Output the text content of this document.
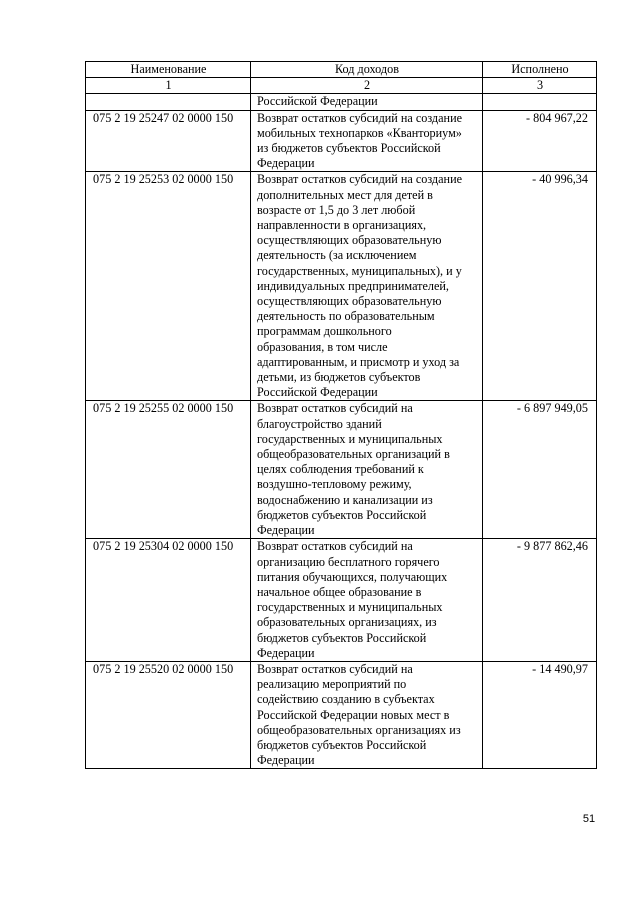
Наименование	Код доходов	Исполнено
1	2	3
	Российской Федерации	
075 2 19 25247 02 0000 150	Возврат остатков субсидий на создание мобильных технопарков «Кванториум» из бюджетов субъектов Российской Федерации	- 804 967,22
075 2 19 25253 02 0000 150	Возврат остатков субсидий на создание дополнительных мест для детей в возрасте от 1,5 до 3 лет любой направленности в организациях, осуществляющих образовательную деятельность (за исключением государственных, муниципальных), и у индивидуальных предпринимателей, осуществляющих образовательную деятельность по образовательным программам дошкольного образования, в том числе адаптированным, и присмотр и уход за детьми, из бюджетов субъектов Российской Федерации	- 40 996,34
075 2 19 25255 02 0000 150	Возврат остатков субсидий на благоустройство зданий государственных и муниципальных общеобразовательных организаций в целях соблюдения требований к воздушно-тепловому режиму, водоснабжению и канализации из бюджетов субъектов Российской Федерации	- 6 897 949,05
075 2 19 25304 02 0000 150	Возврат остатков субсидий на организацию бесплатного горячего питания обучающихся, получающих начальное общее образование в государственных и муниципальных образовательных организациях, из бюджетов субъектов Российской Федерации	- 9 877 862,46
075 2 19 25520 02 0000 150	Возврат остатков субсидий на реализацию мероприятий по содействию созданию в субъектах Российской Федерации новых мест в общеобразовательных организациях из бюджетов субъектов Российской Федерации	- 14 490,97
51
